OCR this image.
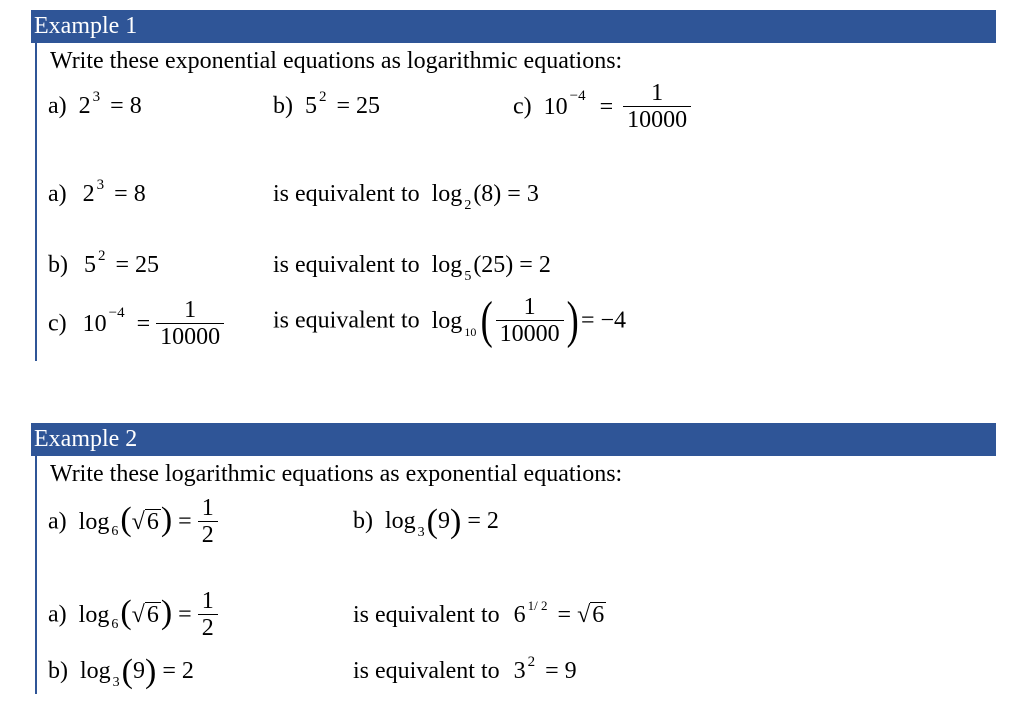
Example 1
Write these exponential equations as logarithmic equations:
a) 2 $^3$ = 8	b) 5 $^2$ = 25	c) 10 $^{-4} = \frac{1}{10000}$
a) 2 $^3$ = 8	is equivalent to log $_2$(8) = 3
b) 5 $^2$ = 25	is equivalent to log $_5$(25) = 2
c) 10 $^{-4} = \frac{1}{10000}$ is equivalent to $\log _{10}( \frac{1}{10000}$ ) = −4
Example 2
Write these logarithmic equations as exponential equations:
a) $\log _6(√6) = \frac{1}{2}$	b) log $_3$(9) = 2
a) $\log _6(√6) = \frac{1}{2}$	is equivalent to 6 $^{1/ 2}$ = √6
b) log $_3$(9) = 2	is equivalent to 3 $^2$ = 9
